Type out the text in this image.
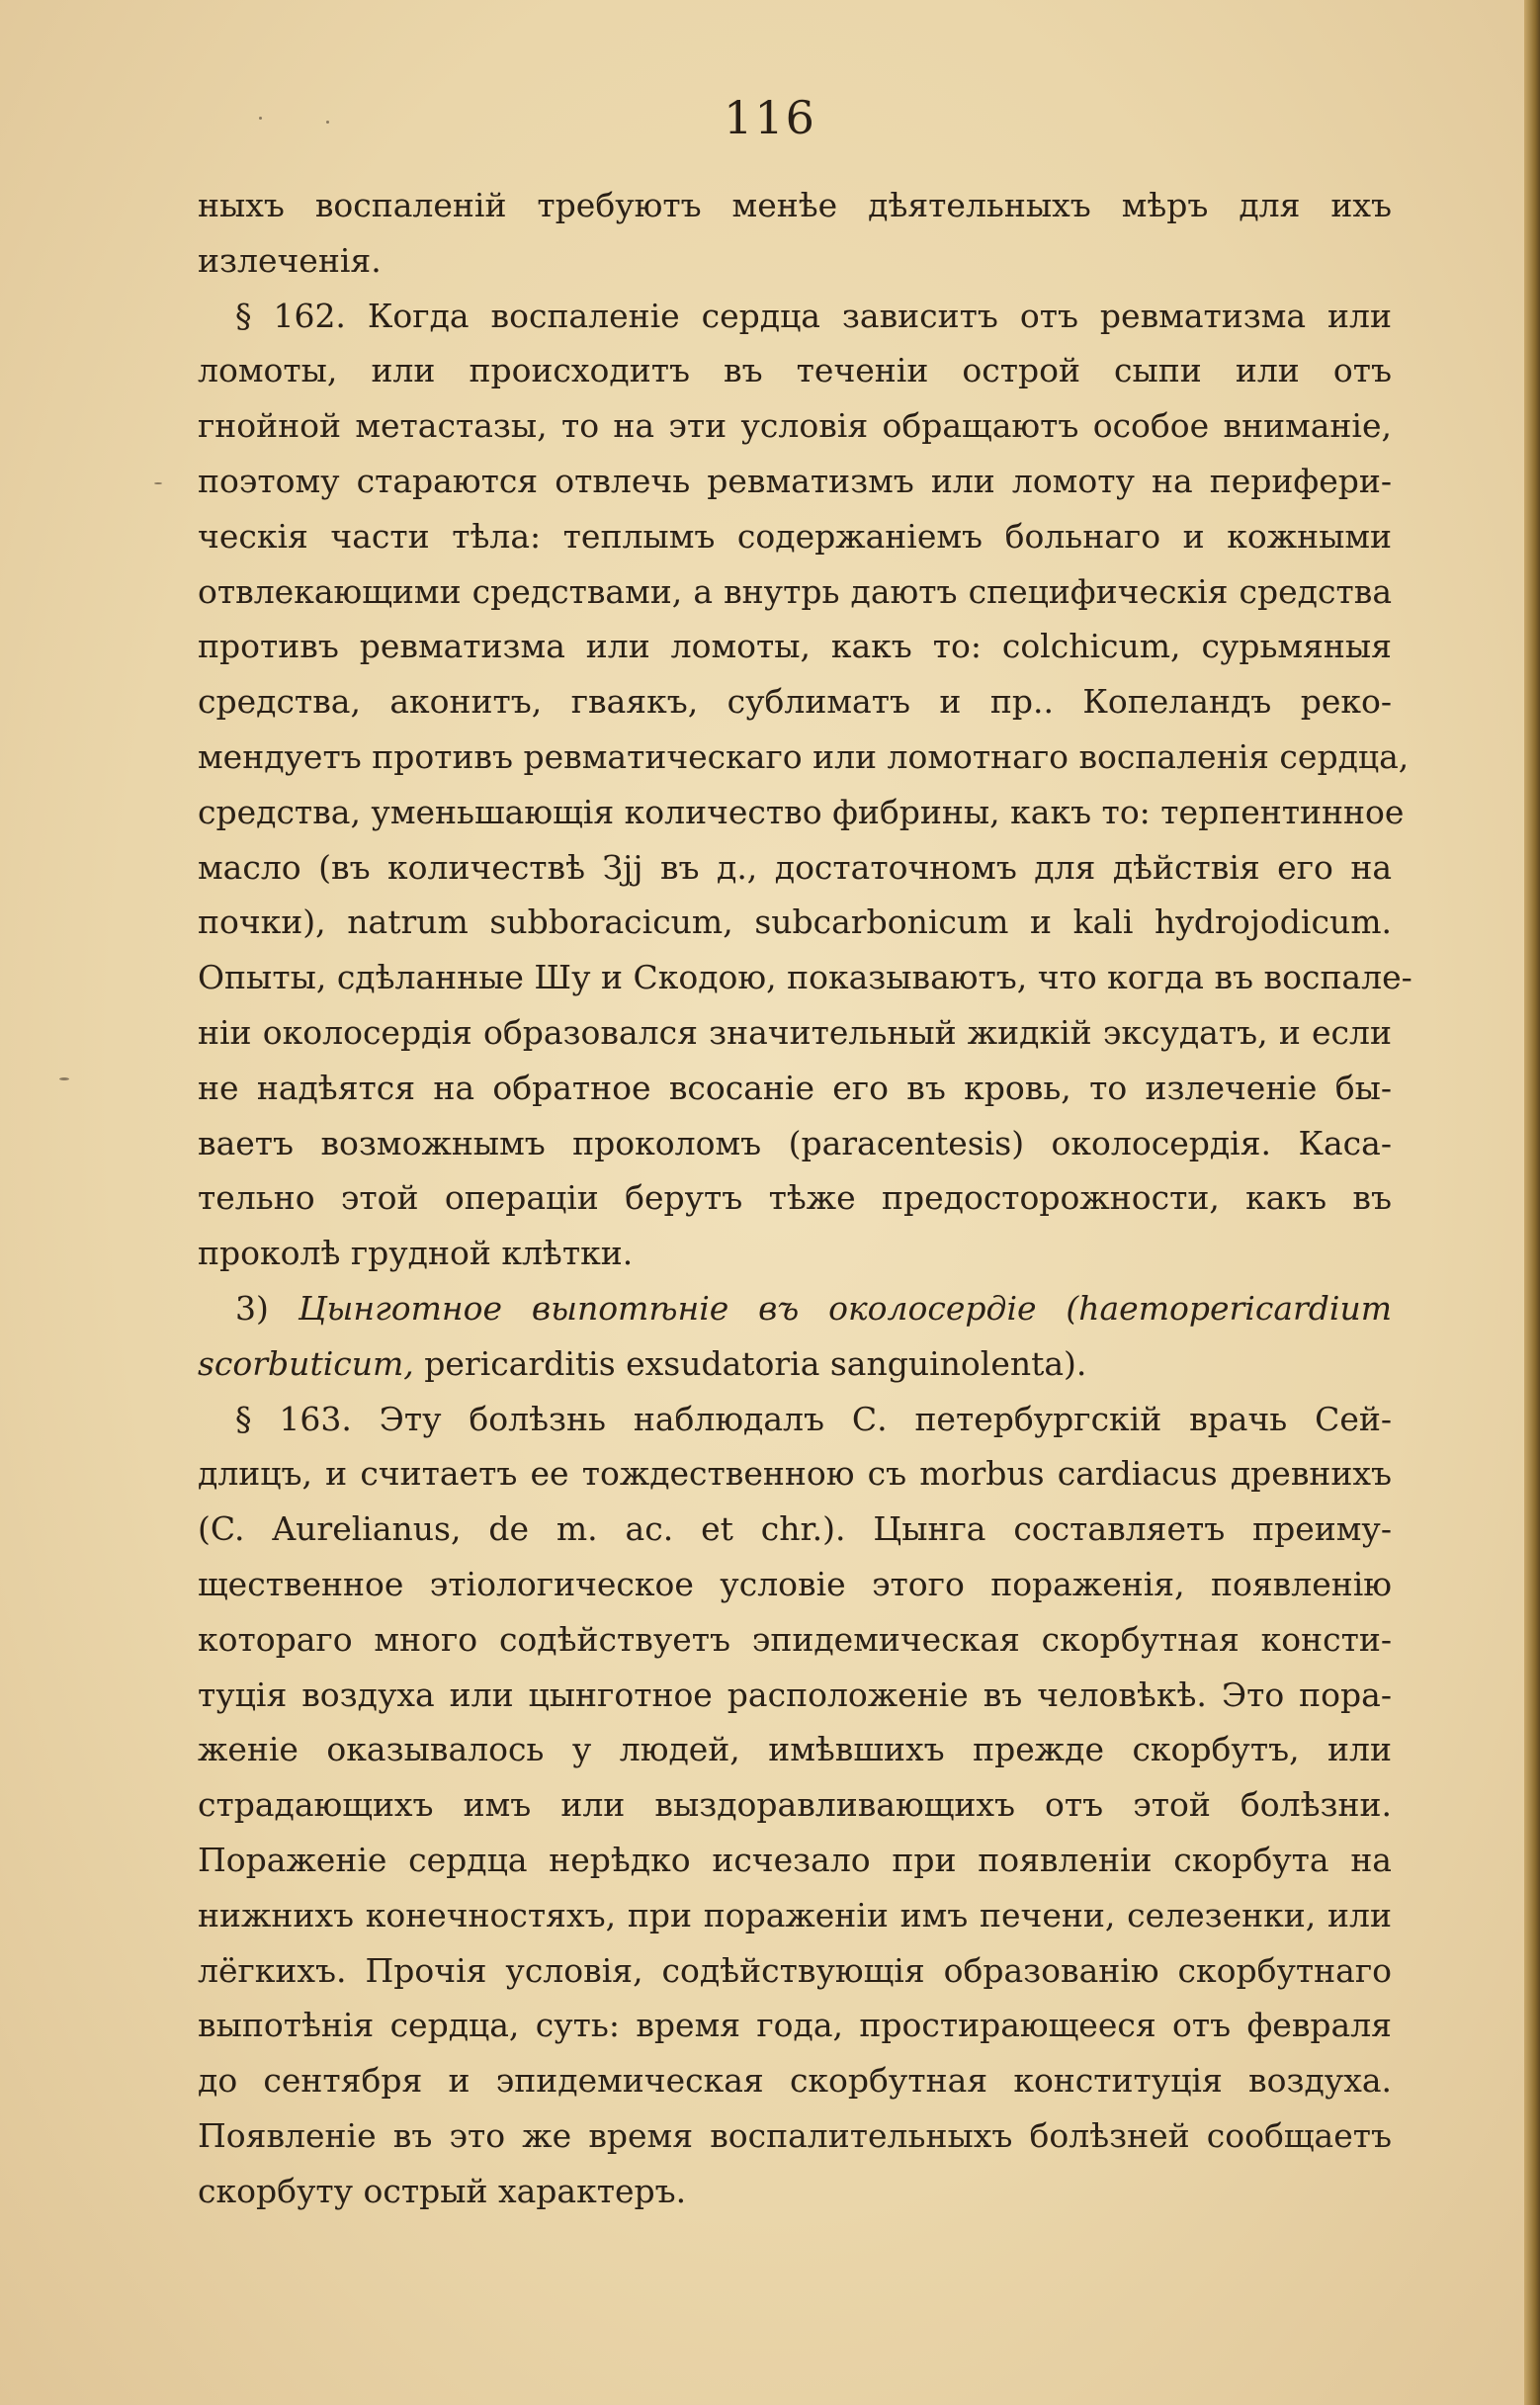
116
ныхъ воспаленій требуютъ менѣе дѣятельныхъ мѣръ для ихъ
излеченія.
§ 162. Когда воспаленіе сердца зависитъ отъ ревматизма или
ломоты, или происходитъ въ теченіи острой сыпи или отъ
гнойной метастазы, то на эти условія обращаютъ особое вниманіе,
поэтому стараются отвлечь ревматизмъ или ломоту на перифери-
ческія части тѣла: теплымъ содержаніемъ больнаго и кожными
отвлекающими средствами, а внутрь даютъ специфическія средства
противъ ревматизма или ломоты, какъ то: colchicum, сурьмяныя
средства, аконитъ, гваякъ, сублиматъ и пр.. Копеландъ реко-
мендуетъ противъ ревматическаго или ломотнаго воспаленія сердца,
средства, уменьшающія количество фибрины, какъ то: терпентинное
масло (въ количествѣ Зjj въ д., достаточномъ для дѣйствія его на
почки), natrum subboracicum, subcarbonicum и kali hydrojodicum.
Опыты, сдѣланные Шу и Скодою, показываютъ, что когда въ воспале-
ніи околосердія образовался значительный жидкій эксудатъ, и если
не надѣятся на обратное всосаніе его въ кровь, то излеченіе бы-
ваетъ возможнымъ проколомъ (paracentesis) околосердія. Каса-
тельно этой операціи берутъ тѣже предосторожности, какъ въ
проколѣ грудной клѣтки.
3) Цынготное выпотѣніе въ околосердіе (haemopericardium
scorbuticum, pericarditis exsudatoria sanguinolenta).
§ 163. Эту болѣзнь наблюдалъ С. петербургскій врачь Сей-
длицъ, и считаетъ ее тождественною съ morbus cardiacus древнихъ
(C. Aurelianus, de m. ac. et chr.). Цынга составляетъ преиму-
щественное этіологическое условіе этого пораженія, появленію
котораго много содѣйствуетъ эпидемическая скорбутная консти-
туція воздуха или цынготное расположеніе въ человѣкѣ. Это пора-
женіе оказывалось у людей, имѣвшихъ прежде скорбутъ, или
страдающихъ имъ или выздоравливающихъ отъ этой болѣзни.
Пораженіе сердца нерѣдко исчезало при появленіи скорбута на
нижнихъ конечностяхъ, при пораженіи имъ печени, селезенки, или
лёгкихъ. Прочія условія, содѣйствующія образованію скорбутнаго
выпотѣнія сердца, суть: время года, простирающееся отъ февраля
до сентября и эпидемическая скорбутная конституція воздуха.
Появленіе въ это же время воспалительныхъ болѣзней сообщаетъ
скорбуту острый характеръ.
